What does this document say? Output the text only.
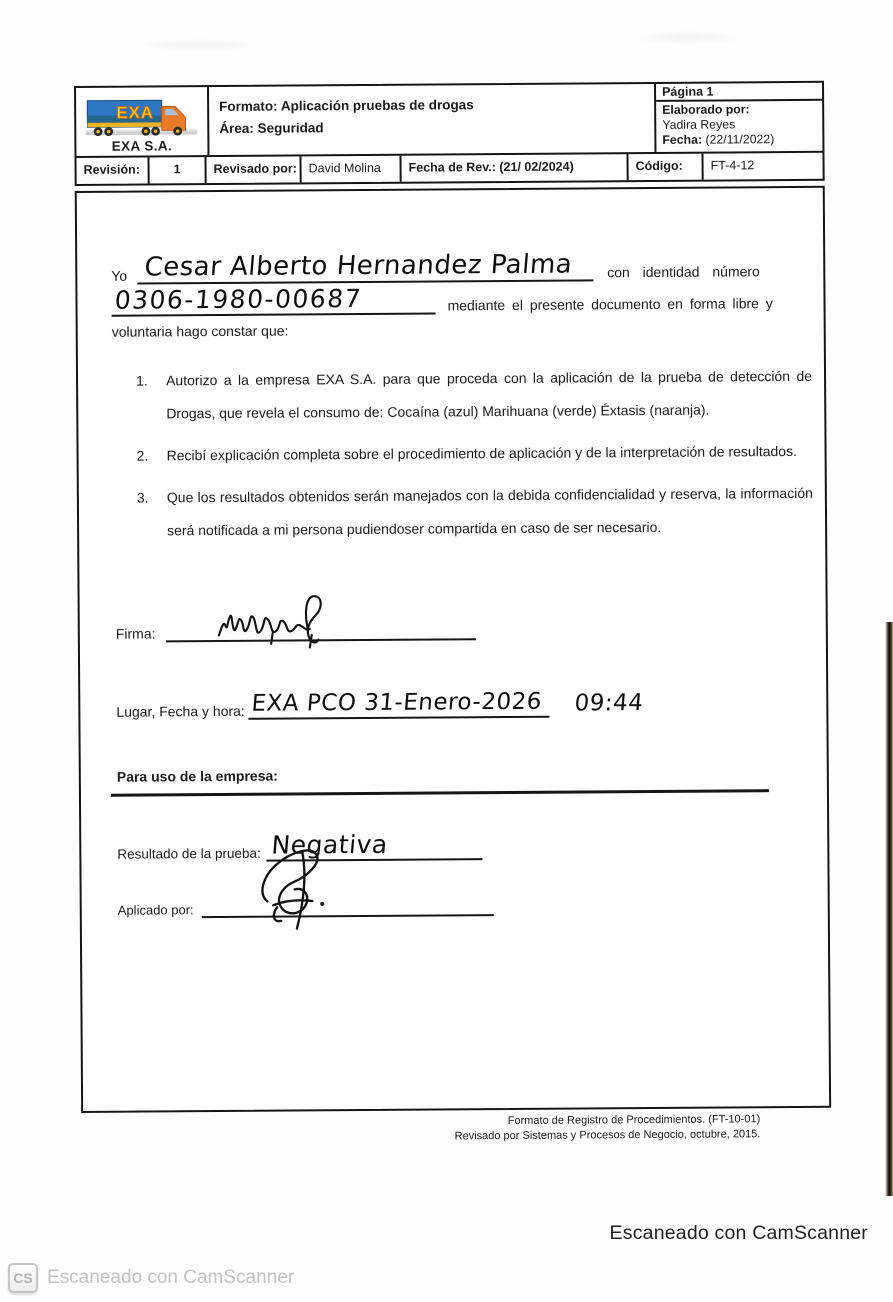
EXA
EXA S.A.
Formato: Aplicación pruebas de drogas
Área: Seguridad
Página 1
Elaborado por:
Yadira Reyes
Fecha: (22/11/2022)
Revisión:	1	Revisado por: David Molina	Fecha de Rev.: (21/ 02/2024)	Código:	FT-4-12
Yo Cesar Alberto Hernandez Palma	con identidad número
0306-1980-00687	mediante el presente documento en forma libre y
voluntaria hago constar que:
1.	Autorizo a la empresa EXA S.A. para que proceda con la aplicación de la prueba de detección de Drogas, que revela el consumo de: Cocaína (azul) Marihuana (verde) Éxtasis (naranja).
2.	Recibí explicación completa sobre el procedimiento de aplicación y de la interpretación de resultados.
3.	Que los resultados obtenidos serán manejados con la debida confidencialidad y reserva, la información será notificada a mi persona pudiendoser compartida en caso de ser necesario.
Firma:
Lugar, Fecha y hora: EXA PCO 31-Enero-2026 09:44
Para uso de la empresa:
Resultado de la prueba: Negativa
Aplicado por:
Formato de Registro de Procedimientos. (FT-10-01)
Revisado por Sistemas y Procesos de Negocio, octubre, 2015.
Escaneado con CamScanner
CS Escaneado con CamScanner
